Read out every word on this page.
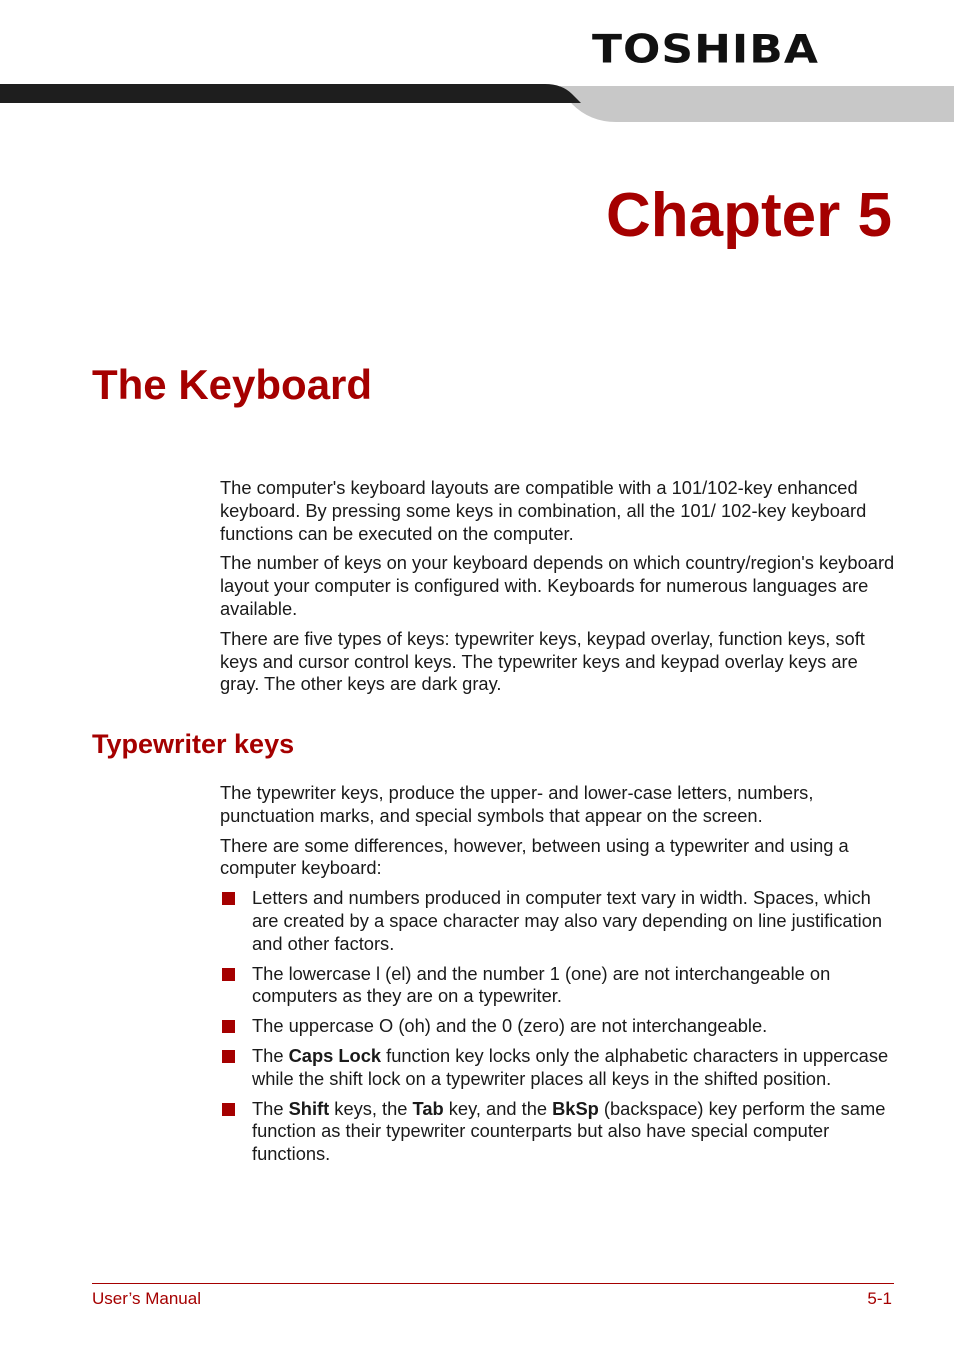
TOSHIBA
Chapter 5
The Keyboard

The computer's keyboard layouts are compatible with a 101/102-key enhanced keyboard. By pressing some keys in combination, all the 101/ 102-key keyboard functions can be executed on the computer.

The number of keys on your keyboard depends on which country/region's keyboard layout your computer is configured with. Keyboards for numerous languages are available.

There are five types of keys: typewriter keys, keypad overlay, function keys, soft keys and cursor control keys. The typewriter keys and keypad overlay keys are gray. The other keys are dark gray.

Typewriter keys

The typewriter keys, produce the upper- and lower-case letters, numbers, punctuation marks, and special symbols that appear on the screen.

There are some differences, however, between using a typewriter and using a computer keyboard:

Letters and numbers produced in computer text vary in width. Spaces, which are created by a space character may also vary depending on line justification and other factors.
The lowercase l (el) and the number 1 (one) are not interchangeable on computers as they are on a typewriter.
The uppercase O (oh) and the 0 (zero) are not interchangeable.
The Caps Lock function key locks only the alphabetic characters in uppercase while the shift lock on a typewriter places all keys in the shifted position.
The Shift keys, the Tab key, and the BkSp (backspace) key perform the same function as their typewriter counterparts but also have special computer functions.
User’s Manual	5-1
